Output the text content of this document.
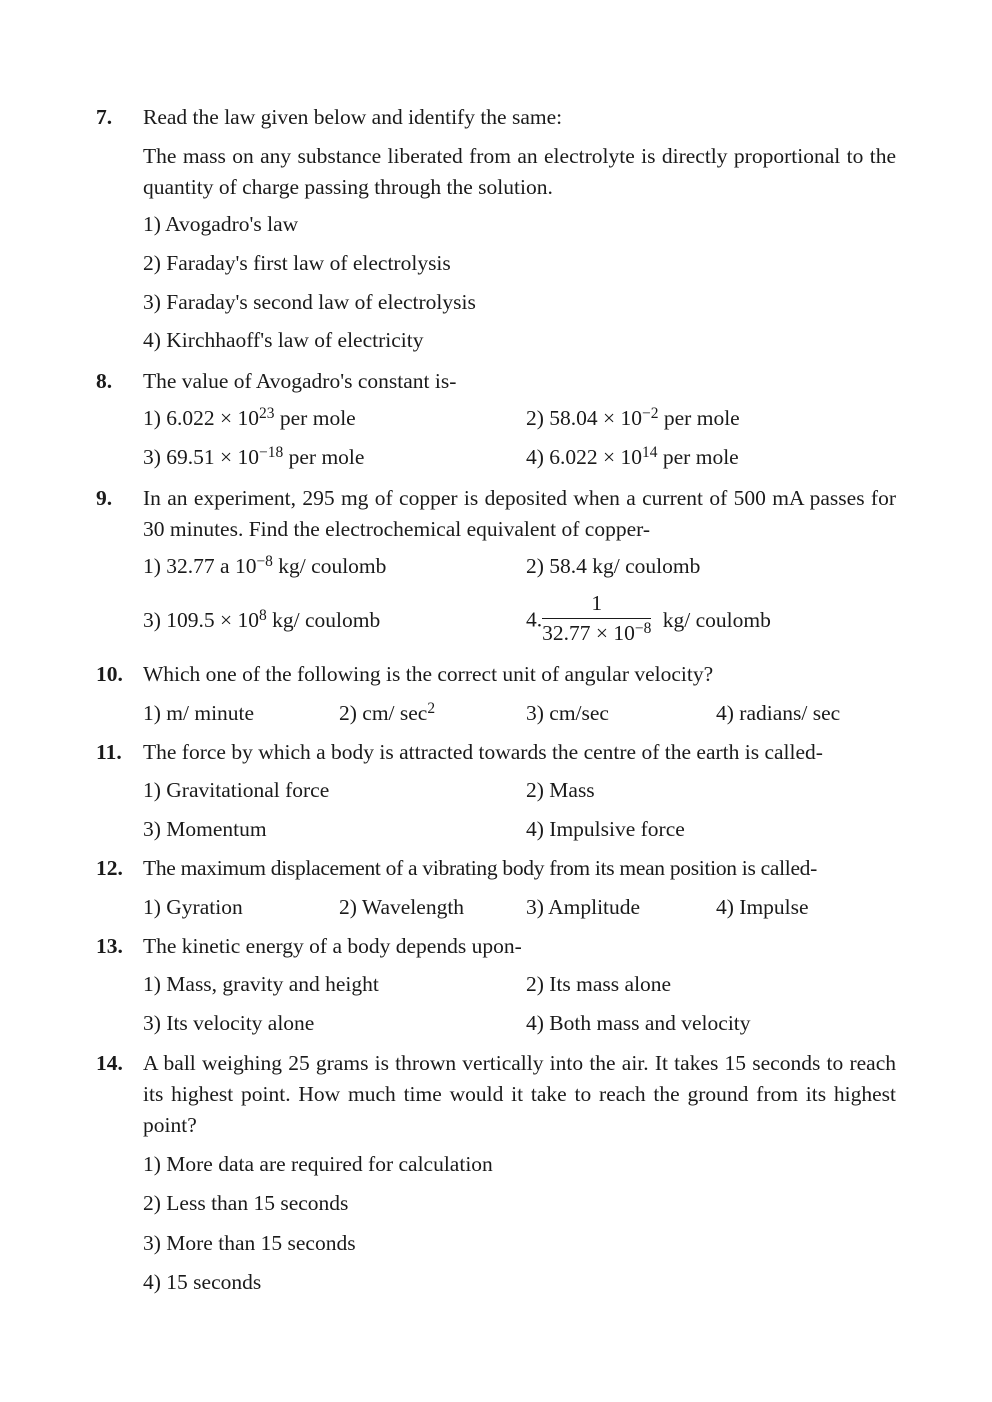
7. Read the law given below and identify the same:
The mass on any substance liberated from an electrolyte is directly proportional to the quantity of charge passing through the solution.
1) Avogadro's law
2) Faraday's first law of electrolysis
3) Faraday's second law of electrolysis
4) Kirchhaoff's law of electricity
8. The value of Avogadro's constant is-
1) $6.022 \times 10^{23}$ per mole	2) $58.04 \times 10^{-2}$ per mole
3) $69.51 \times 10^{-18}$ per mole	4) $6.022 \times 10^{14}$ per mole
9. In an experiment, 295 mg of copper is deposited when a current of 500 mA passes for 30 minutes. Find the electrochemical equivalent of copper-
1) 32.77 a $10^{-8}$ kg/ coulomb	2) 58.4 kg/ coulomb
3) $109.5 \times 10^8$ kg/ coulomb	4. $\frac{1}{32.77 \times 10^{-8}} kg/$ coulomb
10. Which one of the following is the correct unit of angular velocity?
1) m/ minute	2) cm/ $\sec^2$	3) cm/sec	4) radians/ sec
11. The force by which a body is attracted towards the centre of the earth is called-
1) Gravitational force	2) Mass
3) Momentum	4) Impulsive force
12. The maximum displacement of a vibrating body from its mean position is called-
1) Gyration	2) Wavelength	3) Amplitude	4) Impulse
13. The kinetic energy of a body depends upon-
1) Mass, gravity and height	2) Its mass alone
3) Its velocity alone	4) Both mass and velocity
14. A ball weighing 25 grams is thrown vertically into the air. It takes 15 seconds to reach its highest point. How much time would it take to reach the ground from its highest point?
1) More data are required for calculation
2) Less than 15 seconds
3) More than 15 seconds
4) 15 seconds
